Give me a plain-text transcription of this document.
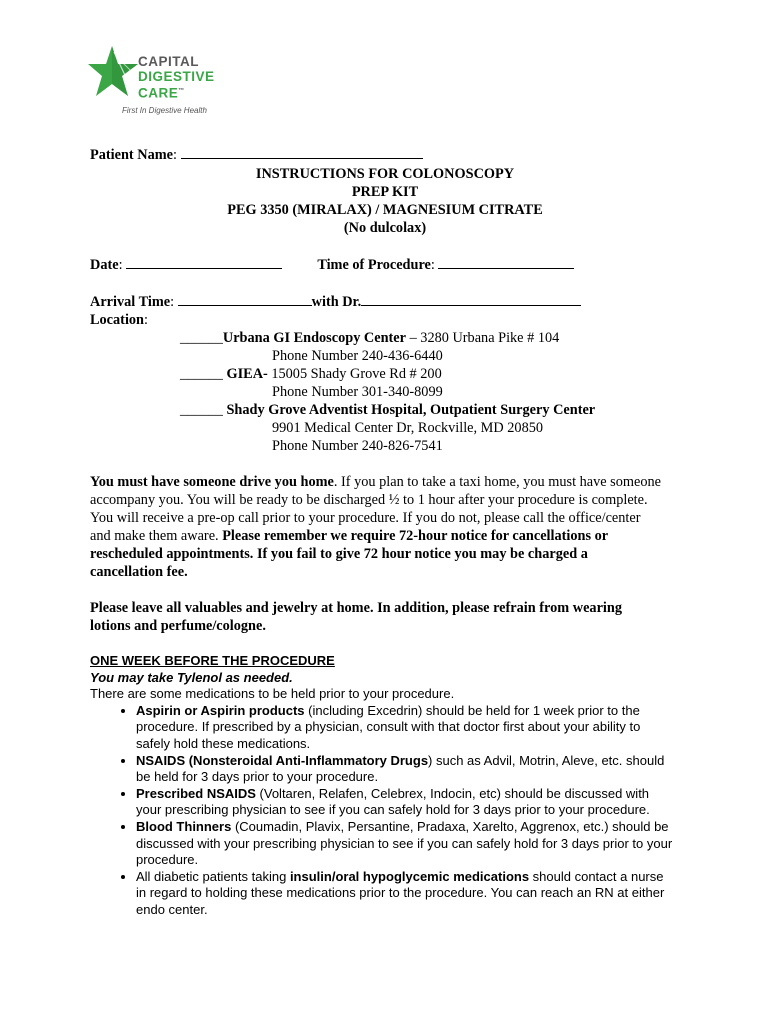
CAPITAL
DIGESTIVE
CARE™
First In Digestive Health
Patient Name:
INSTRUCTIONS FOR COLONOSCOPY
PREP KIT
PEG 3350 (MIRALAX) / MAGNESIUM CITRATE
(No dulcolax)
Date:	Time of Procedure:
Arrival Time:	with Dr.
Location:
______Urbana GI Endoscopy Center – 3280 Urbana Pike # 104
Phone Number 240-436-6440
______ GIEA- 15005 Shady Grove Rd # 200
Phone Number 301-340-8099
______ Shady Grove Adventist Hospital, Outpatient Surgery Center
9901 Medical Center Dr, Rockville, MD 20850
Phone Number 240-826-7541
You must have someone drive you home. If you plan to take a taxi home, you must have someone accompany you. You will be ready to be discharged ½ to 1 hour after your procedure is complete. You will receive a pre-op call prior to your procedure. If you do not, please call the office/center and make them aware. Please remember we require 72-hour notice for cancellations or rescheduled appointments. If you fail to give 72 hour notice you may be charged a cancellation fee.
Please leave all valuables and jewelry at home. In addition, please refrain from wearing lotions and perfume/cologne.
ONE WEEK BEFORE THE PROCEDURE
You may take Tylenol as needed.
There are some medications to be held prior to your procedure.
• Aspirin or Aspirin products (including Excedrin) should be held for 1 week prior to the procedure. If prescribed by a physician, consult with that doctor first about your ability to safely hold these medications.
• NSAIDS (Nonsteroidal Anti-Inflammatory Drugs) such as Advil, Motrin, Aleve, etc. should be held for 3 days prior to your procedure.
• Prescribed NSAIDS (Voltaren, Relafen, Celebrex, Indocin, etc) should be discussed with your prescribing physician to see if you can safely hold for 3 days prior to your procedure.
• Blood Thinners (Coumadin, Plavix, Persantine, Pradaxa, Xarelto, Aggrenox, etc.) should be discussed with your prescribing physician to see if you can safely hold for 3 days prior to your procedure.
• All diabetic patients taking insulin/oral hypoglycemic medications should contact a nurse in regard to holding these medications prior to the procedure. You can reach an RN at either endo center.
